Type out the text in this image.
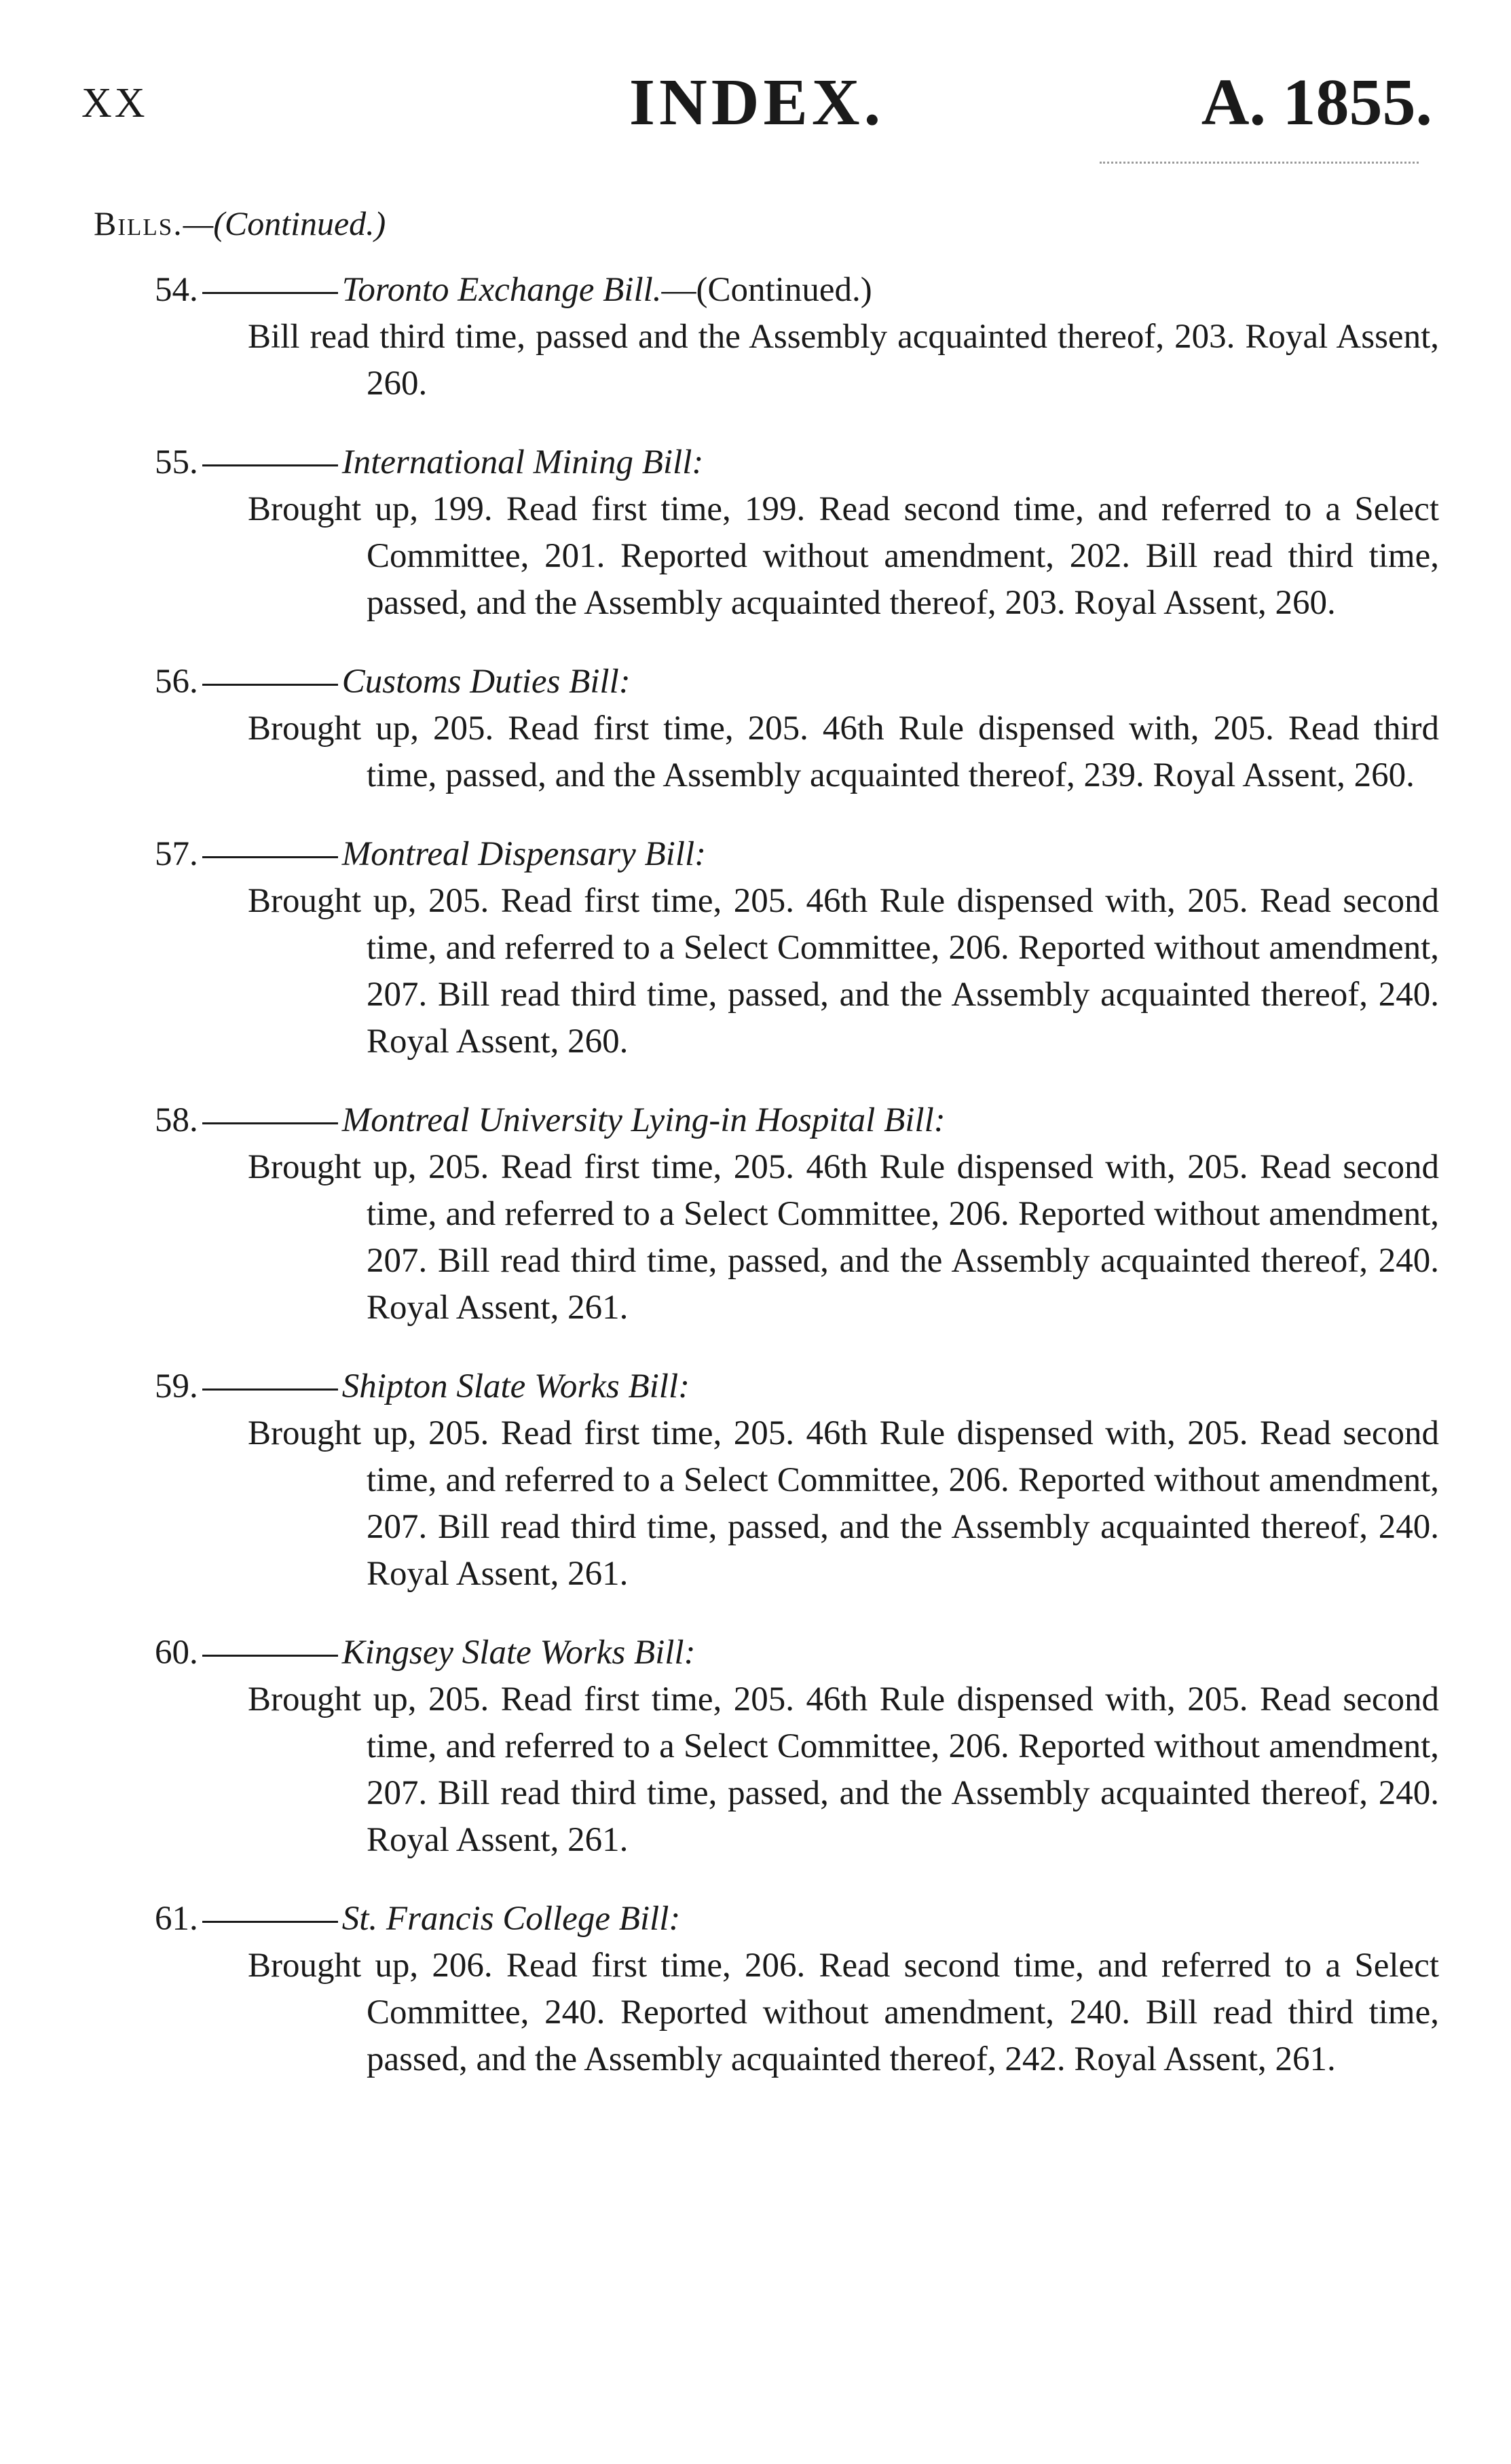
XX	INDEX.	A. 1855.
Bills.—(Continued.)
54.	Toronto Exchange Bill.—(Continued.)
Bill read third time, passed and the Assembly acquainted thereof, 203. Royal Assent, 260.
55.	International Mining Bill:
Brought up, 199. Read first time, 199. Read second time, and referred to a Select Committee, 201. Reported without amendment, 202. Bill read third time, passed, and the Assembly acquainted thereof, 203. Royal Assent, 260.
56.	Customs Duties Bill:
Brought up, 205. Read first time, 205. 46th Rule dispensed with, 205. Read third time, passed, and the Assembly acquainted thereof, 239. Royal Assent, 260.
57.	Montreal Dispensary Bill:
Brought up, 205. Read first time, 205. 46th Rule dispensed with, 205. Read second time, and referred to a Select Committee, 206. Reported without amendment, 207. Bill read third time, passed, and the Assembly acquainted thereof, 240. Royal Assent, 260.
58.	Montreal University Lying-in Hospital Bill:
Brought up, 205. Read first time, 205. 46th Rule dispensed with, 205. Read second time, and referred to a Select Committee, 206. Reported without amendment, 207. Bill read third time, passed, and the Assembly acquainted thereof, 240. Royal Assent, 261.
59.	Shipton Slate Works Bill:
Brought up, 205. Read first time, 205. 46th Rule dispensed with, 205. Read second time, and referred to a Select Committee, 206. Reported without amendment, 207. Bill read third time, passed, and the Assembly acquainted thereof, 240. Royal Assent, 261.
60.	Kingsey Slate Works Bill:
Brought up, 205. Read first time, 205. 46th Rule dispensed with, 205. Read second time, and referred to a Select Committee, 206. Reported without amendment, 207. Bill read third time, passed, and the Assembly acquainted thereof, 240. Royal Assent, 261.
61.	St. Francis College Bill:
Brought up, 206. Read first time, 206. Read second time, and referred to a Select Committee, 240. Reported without amendment, 240. Bill read third time, passed, and the Assembly acquainted thereof, 242. Royal Assent, 261.
